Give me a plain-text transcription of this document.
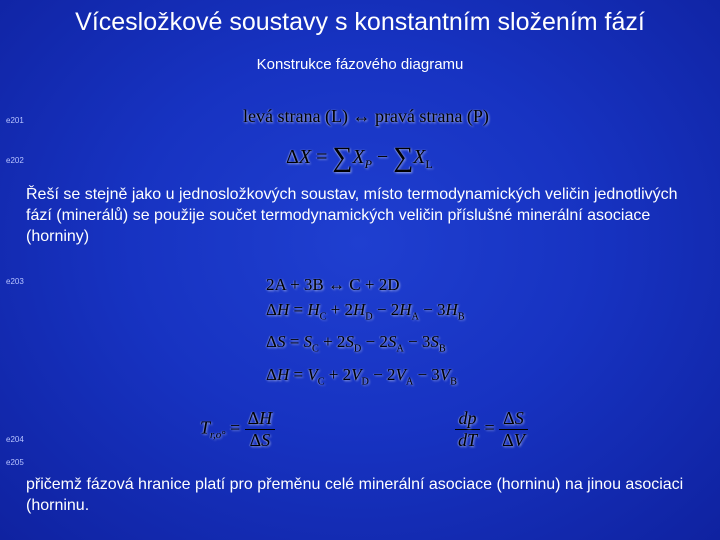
Vícesložkové soustavy s konstantním složením fází
Konstrukce fázového diagramu
e201
e202
e203
e204
e205
levá strana (L) ↔ pravá strana (P)
$\Delta X = \sum X_P - \sum X_L$
Řeší se stejně jako u jednosložkových soustav, místo termodynamických veličin jednotlivých fází (minerálů) se použije součet termodynamických veličin příslušné minerální asociace (horniny)
2A + 3B ↔ C + 2D
$\Delta H = H_C + 2H_D - 2H_A - 3H_B$
$\Delta S = S_C + 2S_D - 2S_A - 3S_B$
$\Delta H = V_C + 2V_D - 2V_A - 3V_B$
$T_{r,o^\circ} = \frac{\Delta H}{\Delta S}$	$\frac{dp}{dT} = \frac{\Delta S}{\Delta V}$
přičemž fázová hranice platí pro přeměnu celé minerální asociace (horninu) na jinou asociaci (horninu.
